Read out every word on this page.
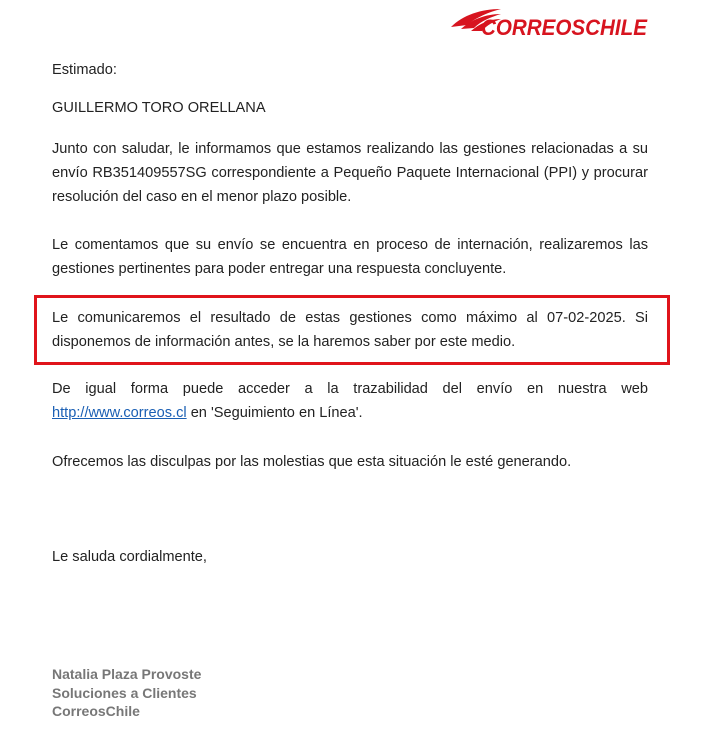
CORREOSCHILE

Estimado:

GUILLERMO TORO ORELLANA

Junto con saludar, le informamos que estamos realizando las gestiones relacionadas a su envío RB351409557SG correspondiente a Pequeño Paquete Internacional (PPI) y procurar resolución del caso en el menor plazo posible.

Le comentamos que su envío se encuentra en proceso de internación, realizaremos las gestiones pertinentes para poder entregar una respuesta concluyente.

Le comunicaremos el resultado de estas gestiones como máximo al 07-02-2025. Si disponemos de información antes, se la haremos saber por este medio.

De igual forma puede acceder a la trazabilidad del envío en nuestra web http://www.correos.cl en 'Seguimiento en Línea'.

Ofrecemos las disculpas por las molestias que esta situación le esté generando.

Le saluda cordialmente,

Natalia Plaza Provoste
Soluciones a Clientes
CorreosChile
